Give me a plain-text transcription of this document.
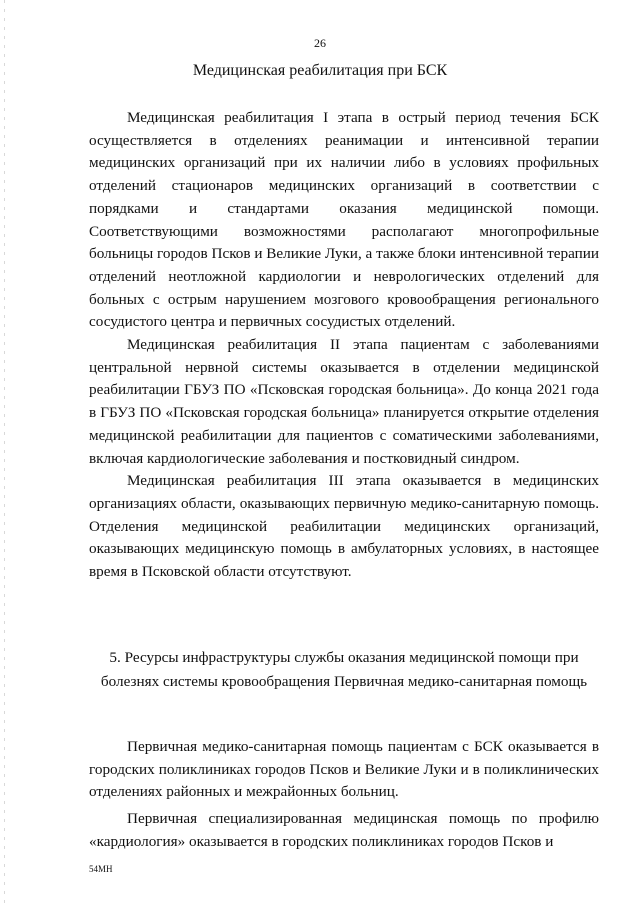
26
Медицинская реабилитация при БСК

Медицинская реабилитация I этапа в острый период течения БСК осуществляется в отделениях реанимации и интенсивной терапии медицинских организаций при их наличии либо в условиях профильных отделений стационаров медицинских организаций в соответствии с порядками и стандартами оказания медицинской помощи. Соответствующими возможностями располагают многопрофильные больницы городов Псков и Великие Луки, а также блоки интенсивной терапии отделений неотложной кардиологии и неврологических отделений для больных с острым нарушением мозгового кровообращения регионального сосудистого центра и первичных сосудистых отделений.

Медицинская реабилитация II этапа пациентам с заболеваниями центральной нервной системы оказывается в отделении медицинской реабилитации ГБУЗ ПО «Псковская городская больница». До конца 2021 года в ГБУЗ ПО «Псковская городская больница» планируется открытие отделения медицинской реабилитации для пациентов с соматическими заболеваниями, включая кардиологические заболевания и постковидный синдром.

Медицинская реабилитация III этапа оказывается в медицинских организациях области, оказывающих первичную медико-санитарную помощь. Отделения медицинской реабилитации медицинских организаций, оказывающих медицинскую помощь в амбулаторных условиях, в настоящее время в Псковской области отсутствуют.

5. Ресурсы инфраструктуры службы оказания медицинской помощи при болезнях системы кровообращения Первичная медико-санитарная помощь

Первичная медико-санитарная помощь пациентам с БСК оказывается в городских поликлиниках городов Псков и Великие Луки и в поликлинических отделениях районных и межрайонных больниц.

Первичная специализированная медицинская помощь по профилю «кардиология» оказывается в городских поликлиниках городов Псков и

54МН
